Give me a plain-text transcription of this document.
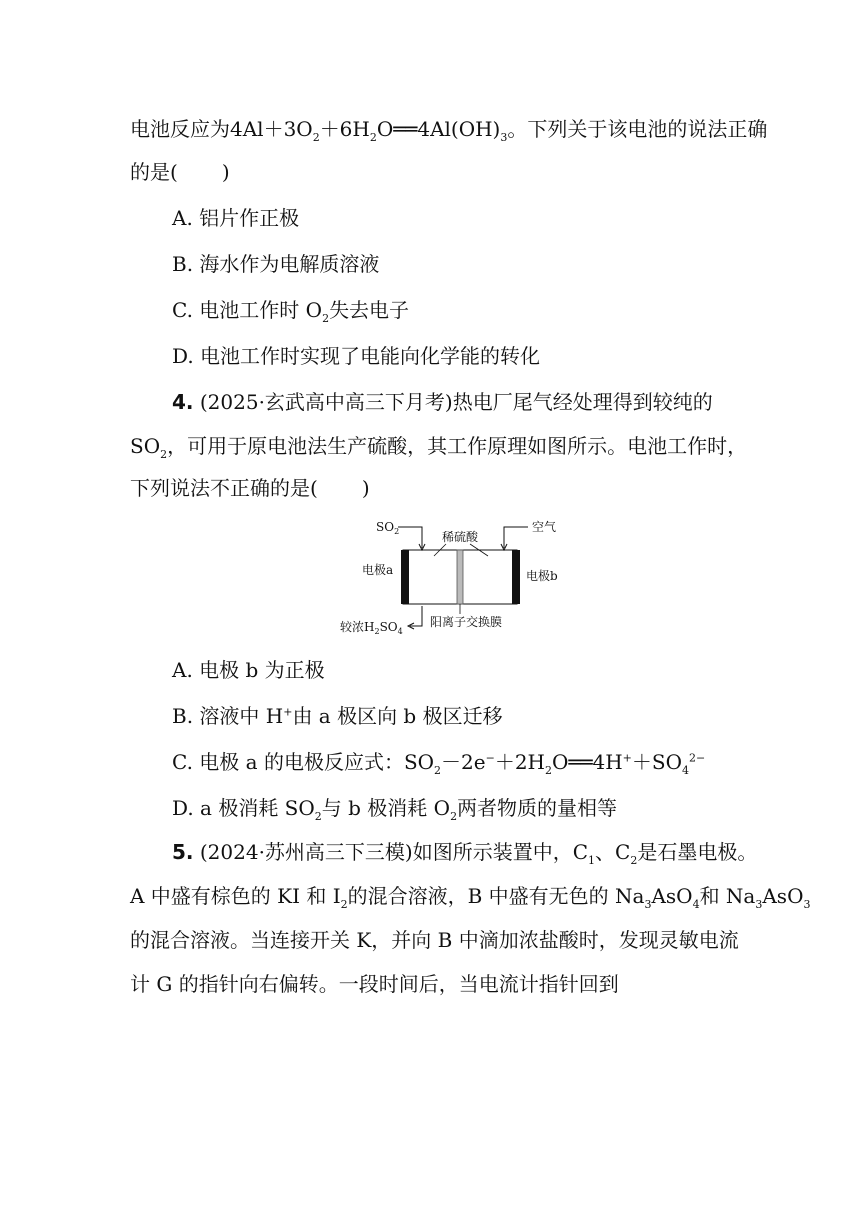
电池反应为$4Al+3O_2+6H_2O══4Al(OH)_3$。下列关于该电池的说法正确
的是( )
A. 铝片作正极
B. 海水作为电解质溶液
C. 电池工作时 $O_2$失去电子
D. 电池工作时实现了电能向化学能的转化
4. (2025·玄武高中高三下月考)热电厂尾气经处理得到较纯的
$SO_2$，可用于原电池法生产硫酸，其工作原理如图所示。电池工作时，
下列说法不正确的是( )
$SO_2$	空气
稀硫酸
电极a	电极b
较浓$H_2SO_4$
阳离子交换膜
A. 电极 b 为正极
B. 溶液中 H+由 a 极区向 b 极区迁移
C. 电极 a 的电极反应式：$SO_2-2e^-+2H_2O══4H^++SO_4^{2-}$
D. a 极消耗 $SO_2$与 b 极消耗 $O_2$两者物质的量相等
5. (2024·苏州高三下三模)如图所示装置中，$C_1$、$C_2$是石墨电极。
A 中盛有棕色的 KI 和 $I_2$的混合溶液，B 中盛有无色的 $Na_3AsO_4$和 $Na_3AsO_3$
的混合溶液。当连接开关 K，并向 B 中滴加浓盐酸时，发现灵敏电流
计 G 的指针向右偏转。一段时间后，当电流计指针回到
